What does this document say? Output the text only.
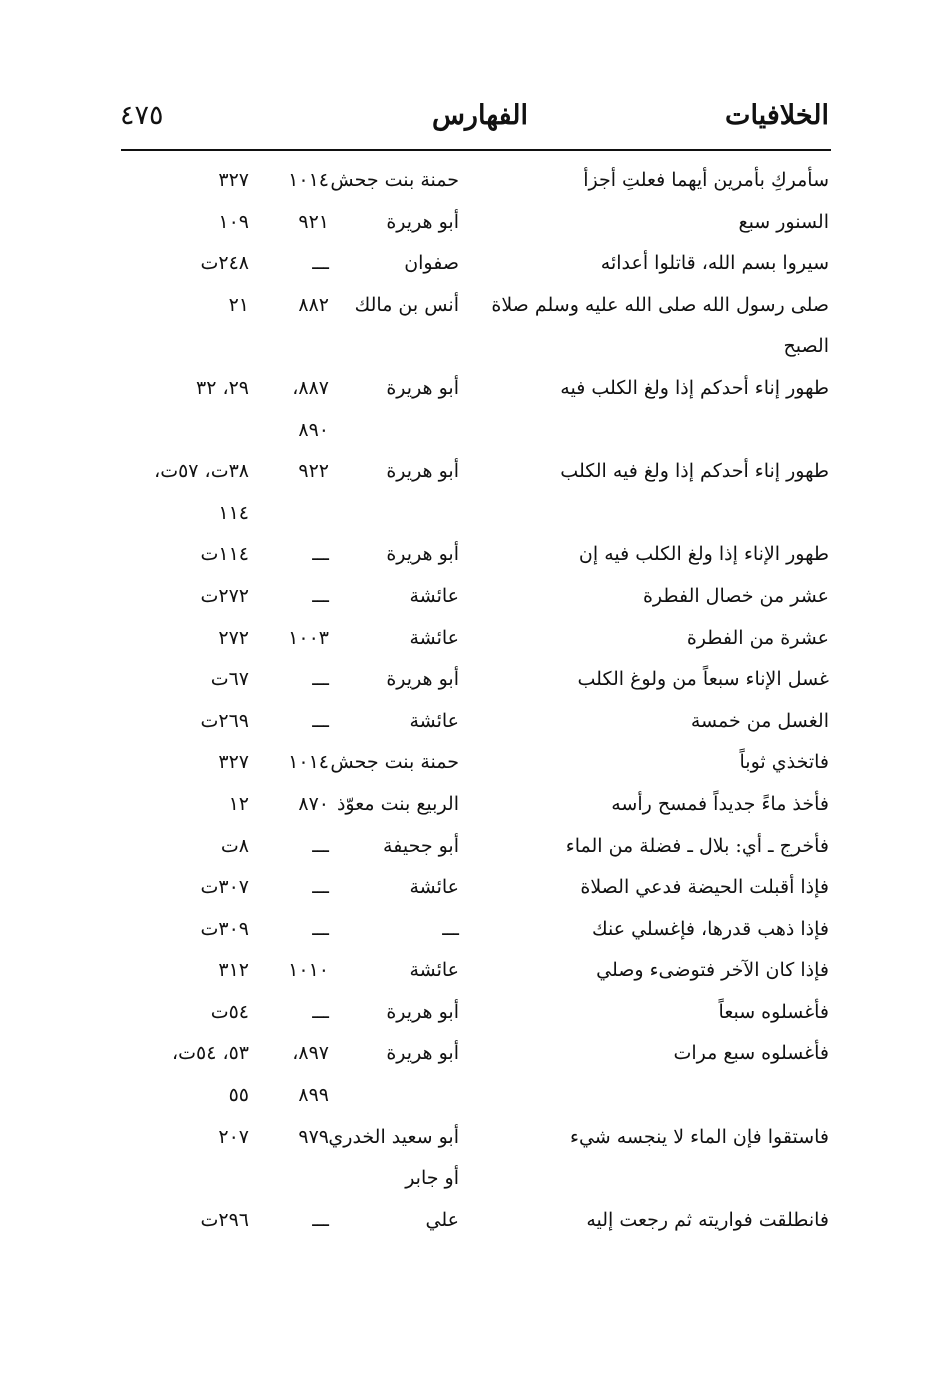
الخلافيات
الفهارس
٤٧٥
سأمركِ بأمرين أيهما فعلتِ أجزأ
حمنة بنت جحش
١٠١٤
٣٢٧
السنور سبع
أبو هريرة
٩٢١
١٠٩
سيروا بسم الله، قاتلوا أعدائه
صفوان
ـــ
٢٤٨ت
صلى رسول الله صلى الله عليه وسلم صلاة
أنس بن مالك
٨٨٢
٢١
الصبح
طهور إناء أحدكم إذا ولغ الكلب فيه
أبو هريرة
٨٨٧،
٢٩، ٣٢
٨٩٠
طهور إناء أحدكم إذا ولغ فيه الكلب
أبو هريرة
٩٢٢
٣٨ت، ٥٧ت،
١١٤
طهور الإناء إذا ولغ الكلب فيه إن
أبو هريرة
ـــ
١١٤ت
عشر من خصال الفطرة
عائشة
ـــ
٢٧٢ت
عشرة من الفطرة
عائشة
١٠٠٣
٢٧٢
غسل الإناء سبعاً من ولوغ الكلب
أبو هريرة
ـــ
٦٧ت
الغسل من خمسة
عائشة
ـــ
٢٦٩ت
فاتخذي ثوباً
حمنة بنت جحش
١٠١٤
٣٢٧
فأخذ ماءً جديداً فمسح رأسه
الربيع بنت معوّذ
٨٧٠
١٢
فأخرج ـ أي: بلال ـ فضلة من الماء
أبو جحيفة
ـــ
٨ت
فإذا أقبلت الحيضة فدعي الصلاة
عائشة
ـــ
٣٠٧ت
فإذا ذهب قدرها، فإغسلي عنك
ـــ
ـــ
٣٠٩ت
فإذا كان الآخر فتوضىء وصلي
عائشة
١٠١٠
٣١٢
فأغسلوه سبعاً
أبو هريرة
ـــ
٥٤ت
فأغسلوه سبع مرات
أبو هريرة
٨٩٧،
٥٣، ٥٤ت،
٨٩٩
٥٥
فاستقوا فإن الماء لا ينجسه شيء
أبو سعيد الخدري
٩٧٩
٢٠٧
أو جابر
فانطلقت فواريته ثم رجعت إليه
علي
ـــ
٢٩٦ت
